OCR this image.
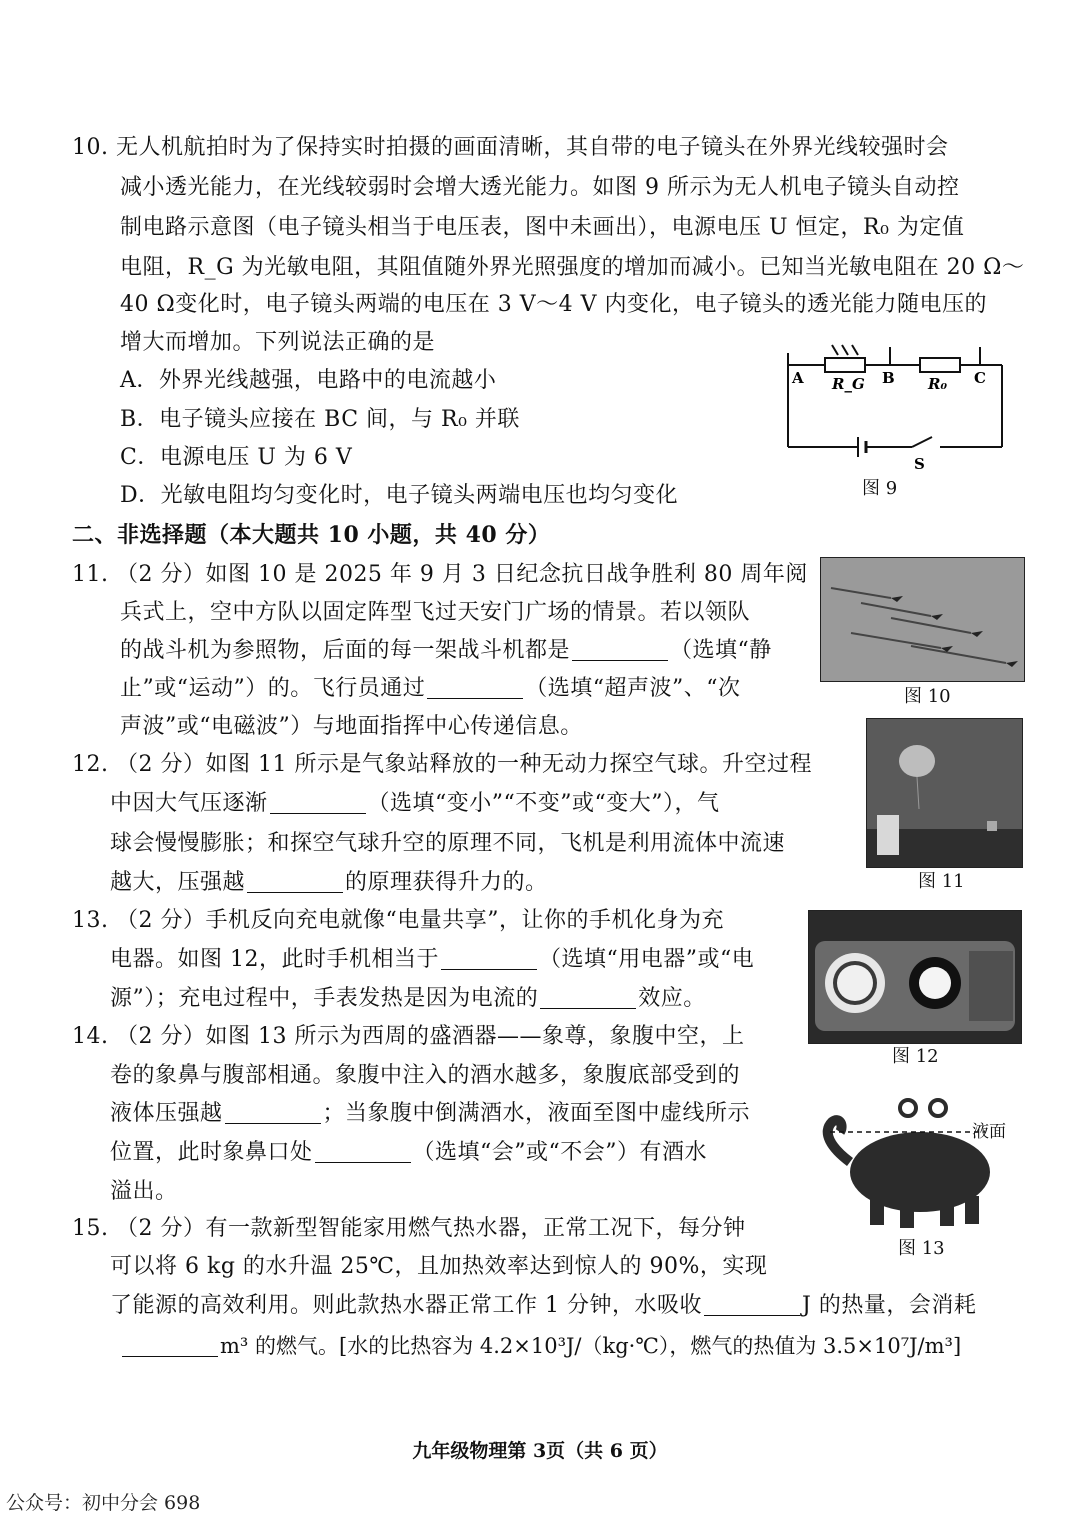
10. 无人机航拍时为了保持实时拍摄的画面清晰，其自带的电子镜头在外界光线较强时会
减小透光能力，在光线较弱时会增大透光能力。如图 9 所示为无人机电子镜头自动控
制电路示意图（电子镜头相当于电压表，图中未画出），电源电压 U 恒定，R₀ 为定值
电阻，R_G 为光敏电阻，其阻值随外界光照强度的增加而减小。已知当光敏电阻在 20 Ω～
40 Ω变化时，电子镜头两端的电压在 3 V～4 V 内变化，电子镜头的透光能力随电压的
增大而增加。下列说法正确的是
A．外界光线越强，电路中的电流越小
B．电子镜头应接在 BC 间，与 R₀ 并联
C．电源电压 U 为 6 V
D．光敏电阻均匀变化时，电子镜头两端电压也均匀变化
A R_G B R₀ C
S
图 9
二、非选择题（本大题共 10 小题，共 40 分）
11. （2 分）如图 10 是 2025 年 9 月 3 日纪念抗日战争胜利 80 周年阅
兵式上，空中方队以固定阵型飞过天安门广场的情景。若以领队
的战斗机为参照物，后面的每一架战斗机都是	（选填“静
止”或“运动”）的。飞行员通过	（选填“超声波”、“次
声波”或“电磁波”）与地面指挥中心传递信息。
图 10
12. （2 分）如图 11 所示是气象站释放的一种无动力探空气球。升空过程
中因大气压逐渐	（选填“变小”“不变”或“变大”），气
球会慢慢膨胀；和探空气球升空的原理不同，飞机是利用流体中流速
越大，压强越	的原理获得升力的。	图 11
13. （2 分）手机反向充电就像“电量共享”，让你的手机化身为充
电器。如图 12，此时手机相当于	（选填“用电器”或“电
源”）；充电过程中，手表发热是因为电流的	效应。
图 12
14. （2 分）如图 13 所示为西周的盛酒器——象尊，象腹中空，上
卷的象鼻与腹部相通。象腹中注入的酒水越多，象腹底部受到的
液体压强越	；当象腹中倒满酒水，液面至图中虚线所示
位置，此时象鼻口处	（选填“会”或“不会”）有酒水
溢出。
液面
图 13
15. （2 分）有一款新型智能家用燃气热水器，正常工况下，每分钟
可以将 6 kg 的水升温 25℃，且加热效率达到惊人的 90%，实现
了能源的高效利用。则此款热水器正常工作 1 分钟，水吸收	J 的热量，会消耗
m³ 的燃气。[水的比热容为 4.2×10³J/（kg·℃），燃气的热值为 3.5×10⁷J/m³]
九年级物理第 3页（共 6 页）
公众号：初中分会 698
